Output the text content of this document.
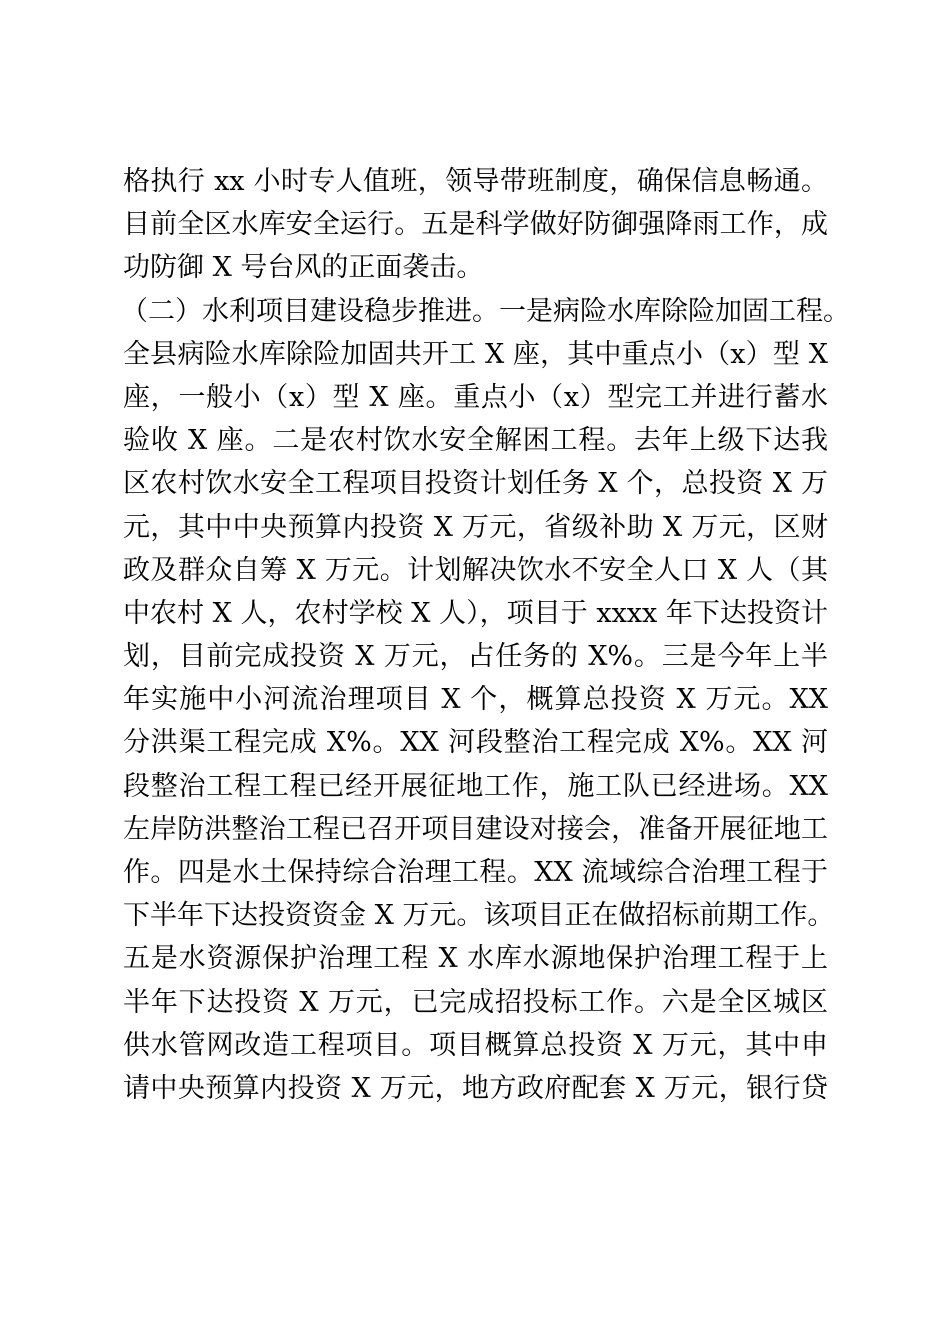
格执行 xx 小时专人值班，领导带班制度，确保信息畅通。
目前全区水库安全运行。五是科学做好防御强降雨工作，成
功防御 X 号台风的正面袭击。
（二）水利项目建设稳步推进。一是病险水库除险加固工程。
全县病险水库除险加固共开工 X 座，其中重点小（x）型 X
座，一般小（x）型 X 座。重点小（x）型完工并进行蓄水
验收 X 座。二是农村饮水安全解困工程。去年上级下达我
区农村饮水安全工程项目投资计划任务 X 个，总投资 X 万
元，其中中央预算内投资 X 万元，省级补助 X 万元，区财
政及群众自筹 X 万元。计划解决饮水不安全人口 X 人（其
中农村 X 人，农村学校 X 人），项目于 xxxx 年下达投资计
划，目前完成投资 X 万元，占任务的 X%。三是今年上半
年实施中小河流治理项目 X 个，概算总投资 X 万元。XX
分洪渠工程完成 X%。XX 河段整治工程完成 X%。XX 河
段整治工程工程已经开展征地工作，施工队已经进场。XX
左岸防洪整治工程已召开项目建设对接会，准备开展征地工
作。四是水土保持综合治理工程。XX 流域综合治理工程于
下半年下达投资资金 X 万元。该项目正在做招标前期工作。
五是水资源保护治理工程 X 水库水源地保护治理工程于上
半年下达投资 X 万元，已完成招投标工作。六是全区城区
供水管网改造工程项目。项目概算总投资 X 万元，其中申
请中央预算内投资 X 万元，地方政府配套 X 万元，银行贷
